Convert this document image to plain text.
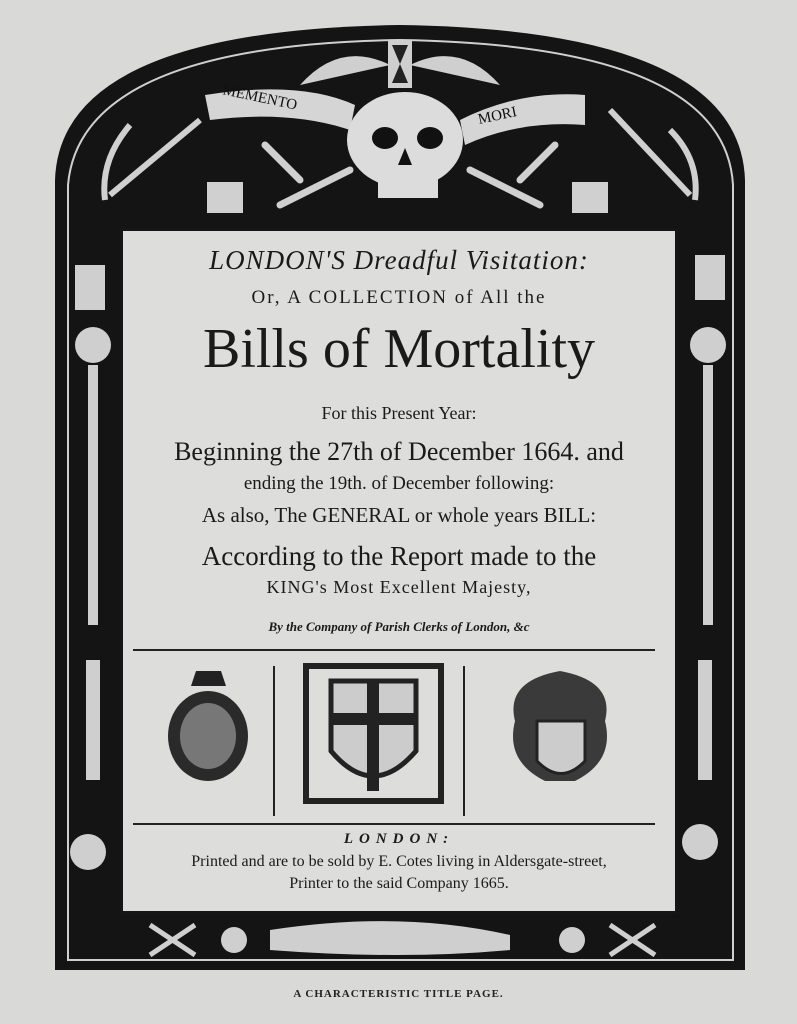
MEMENTO
MORI
LONDON'S Dreadful Visitation:
Or, A COLLECTION of All the
Bills of Mortality
For this Present Year:
Beginning the 27th of December 1664. and
ending the 19th. of December following:
As also, The GENERAL or whole years BILL:
According to the Report made to the
KING's Most Excellent Majesty,
By the Company of Parish Clerks of London, &c
LONDON:
Printed and are to be sold by E. Cotes living in Aldersgate-street,
Printer to the said Company 1665.
A CHARACTERISTIC TITLE PAGE.
